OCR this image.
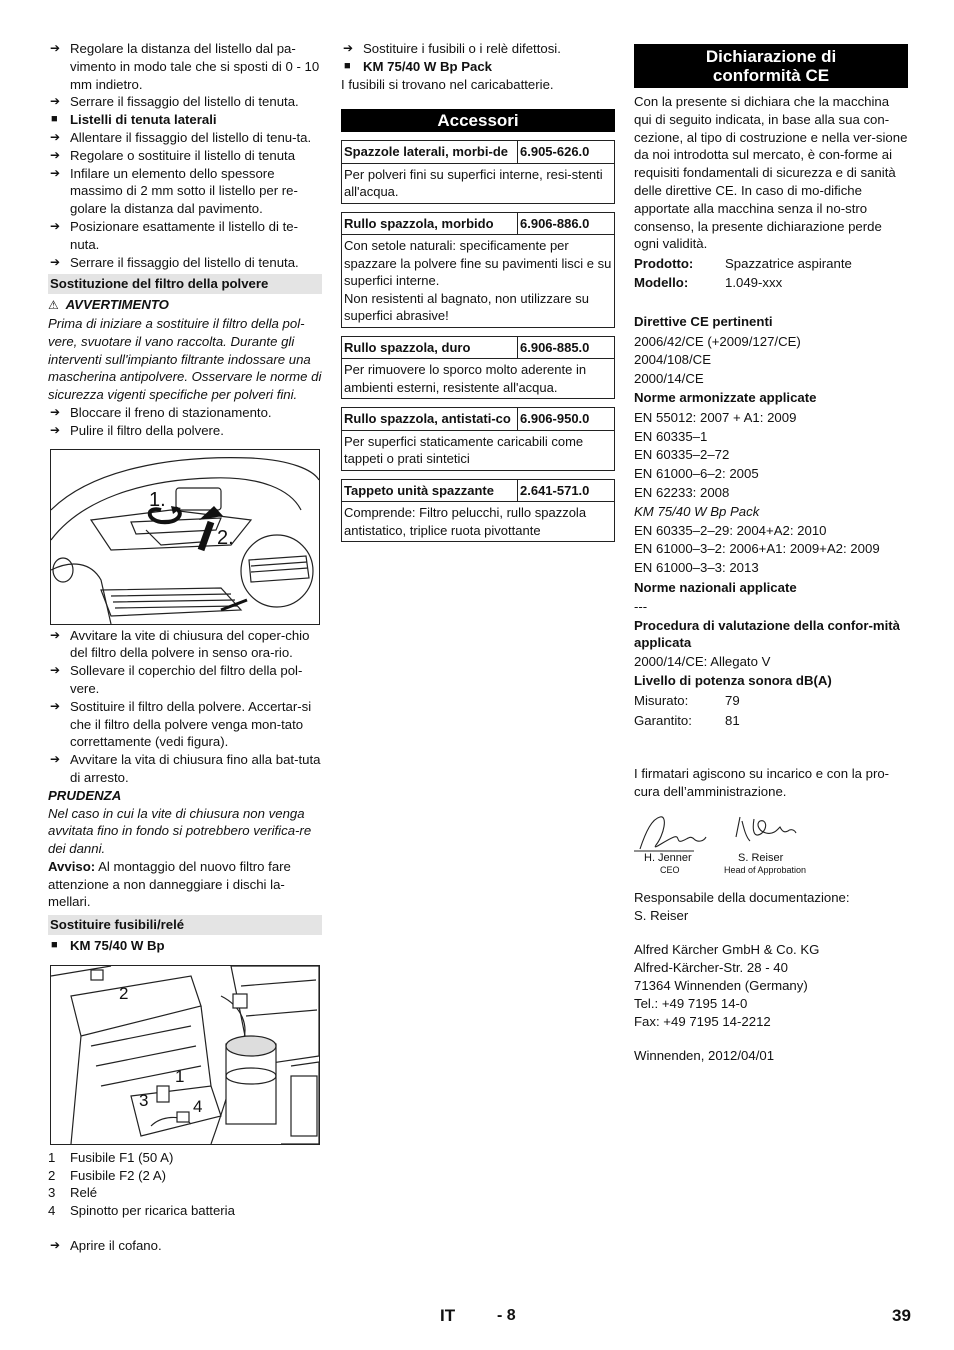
➔ Regolare la distanza del listello dal pa-vimento in modo tale che si sposti di 0 - 10 mm indietro.
➔ Serrare il fissaggio del listello di tenuta.
■ Listelli di tenuta laterali
➔ Allentare il fissaggio del listello di tenu-ta.
➔ Regolare o sostituire il listello di tenuta
➔ Infilare un elemento dello spessore massimo di 2 mm sotto il listello per re-golare la distanza dal pavimento.
➔ Posizionare esattamente il listello di te-nuta.
➔ Serrare il fissaggio del listello di tenuta.
Sostituzione del filtro della polvere
⚠ AVVERTIMENTO
Prima di iniziare a sostituire il filtro della pol-vere, svuotare il vano raccolta. Durante gli interventi sull'impianto filtrante indossare una mascherina antipolvere. Osservare le norme di sicurezza vigenti specifiche per polveri fini.
➔ Bloccare il freno di stazionamento.
➔ Pulire il filtro della polvere.
1.
2.
➔ Avvitare la vite di chiusura del coper-chio del filtro della polvere in senso ora-rio.
➔ Sollevare il coperchio del filtro della pol-vere.
➔ Sostituire il filtro della polvere. Accertar-si che il filtro della polvere venga mon-tato correttamente (vedi figura).
➔ Avvitare la vita di chiusura fino alla bat-tuta di arresto.
PRUDENZA
Nel caso in cui la vite di chiusura non venga avvitata fino in fondo si potrebbero verifica-re dei danni.
Avviso: Al montaggio del nuovo filtro fare attenzione a non danneggiare i dischi la-mellari.
Sostituire fusibili/relé
■ KM 75/40 W Bp
2
1
3	4
1 Fusibile F1 (50 A)
2 Fusibile F2 (2 A)
3 Relé
4 Spinotto per ricarica batteria
➔ Aprire il cofano.
➔ Sostituire i fusibili o i relè difettosi.
■ KM 75/40 W Bp Pack
I fusibili si trovano nel caricabatterie.
Accessori
Spazzole laterali, morbi-de	6.905-626.0
Per polveri fini su superfici interne, resi-stenti all'acqua.
Rullo spazzola, morbido	6.906-886.0
Con setole naturali: specificamente per spazzare la polvere fine su pavimenti lisci e su superfici interne.
Non resistenti al bagnato, non utilizzare su superfici abrasive!
Rullo spazzola, duro	6.906-885.0
Per rimuovere lo sporco molto aderente in ambienti esterni, resistente all'acqua.
Rullo spazzola, antistati-co	6.906-950.0
Per superfici staticamente caricabili come tappeti o prati sintetici
Tappeto unità spazzante	2.641-571.0
Comprende: Filtro pelucchi, rullo spazzola antistatico, triplice ruota pivottante
Dichiarazione di conformità CE
Con la presente si dichiara che la macchina qui di seguito indicata, in base alla sua con-cezione, al tipo di costruzione e nella ver-sione da noi introdotta sul mercato, è con-forme ai requisiti fondamentali di sicurezza e di sanità delle direttive CE. In caso di mo-difiche apportate alla macchina senza il no-stro consenso, la presente dichiarazione perde ogni validità.
Prodotto:	Spazzatrice aspirante
Modello:	1.049-xxx
Direttive CE pertinenti
2006/42/CE (+2009/127/CE)
2004/108/CE
2000/14/CE
Norme armonizzate applicate
EN 55012: 2007 + A1: 2009
EN 60335–1
EN 60335–2–72
EN 61000–6–2: 2005
EN 62233: 2008
KM 75/40 W Bp Pack
EN 60335–2–29: 2004+A2: 2010
EN 61000–3–2: 2006+A1: 2009+A2: 2009
EN 61000–3–3: 2013
Norme nazionali applicate
---
Procedura di valutazione della confor-mità applicata
2000/14/CE: Allegato V
Livello di potenza sonora dB(A)
Misurato:	79
Garantito:	81
I firmatari agiscono su incarico e con la pro-cura dell’amministrazione.
H. Jenner
CEO
S. Reiser
Head of Approbation
Responsabile della documentazione:
S. Reiser
Alfred Kärcher GmbH & Co. KG
Alfred-Kärcher-Str. 28 - 40
71364 Winnenden (Germany)
Tel.: +49 7195 14-0
Fax: +49 7195 14-2212
Winnenden, 2012/04/01
IT	- 8	39
